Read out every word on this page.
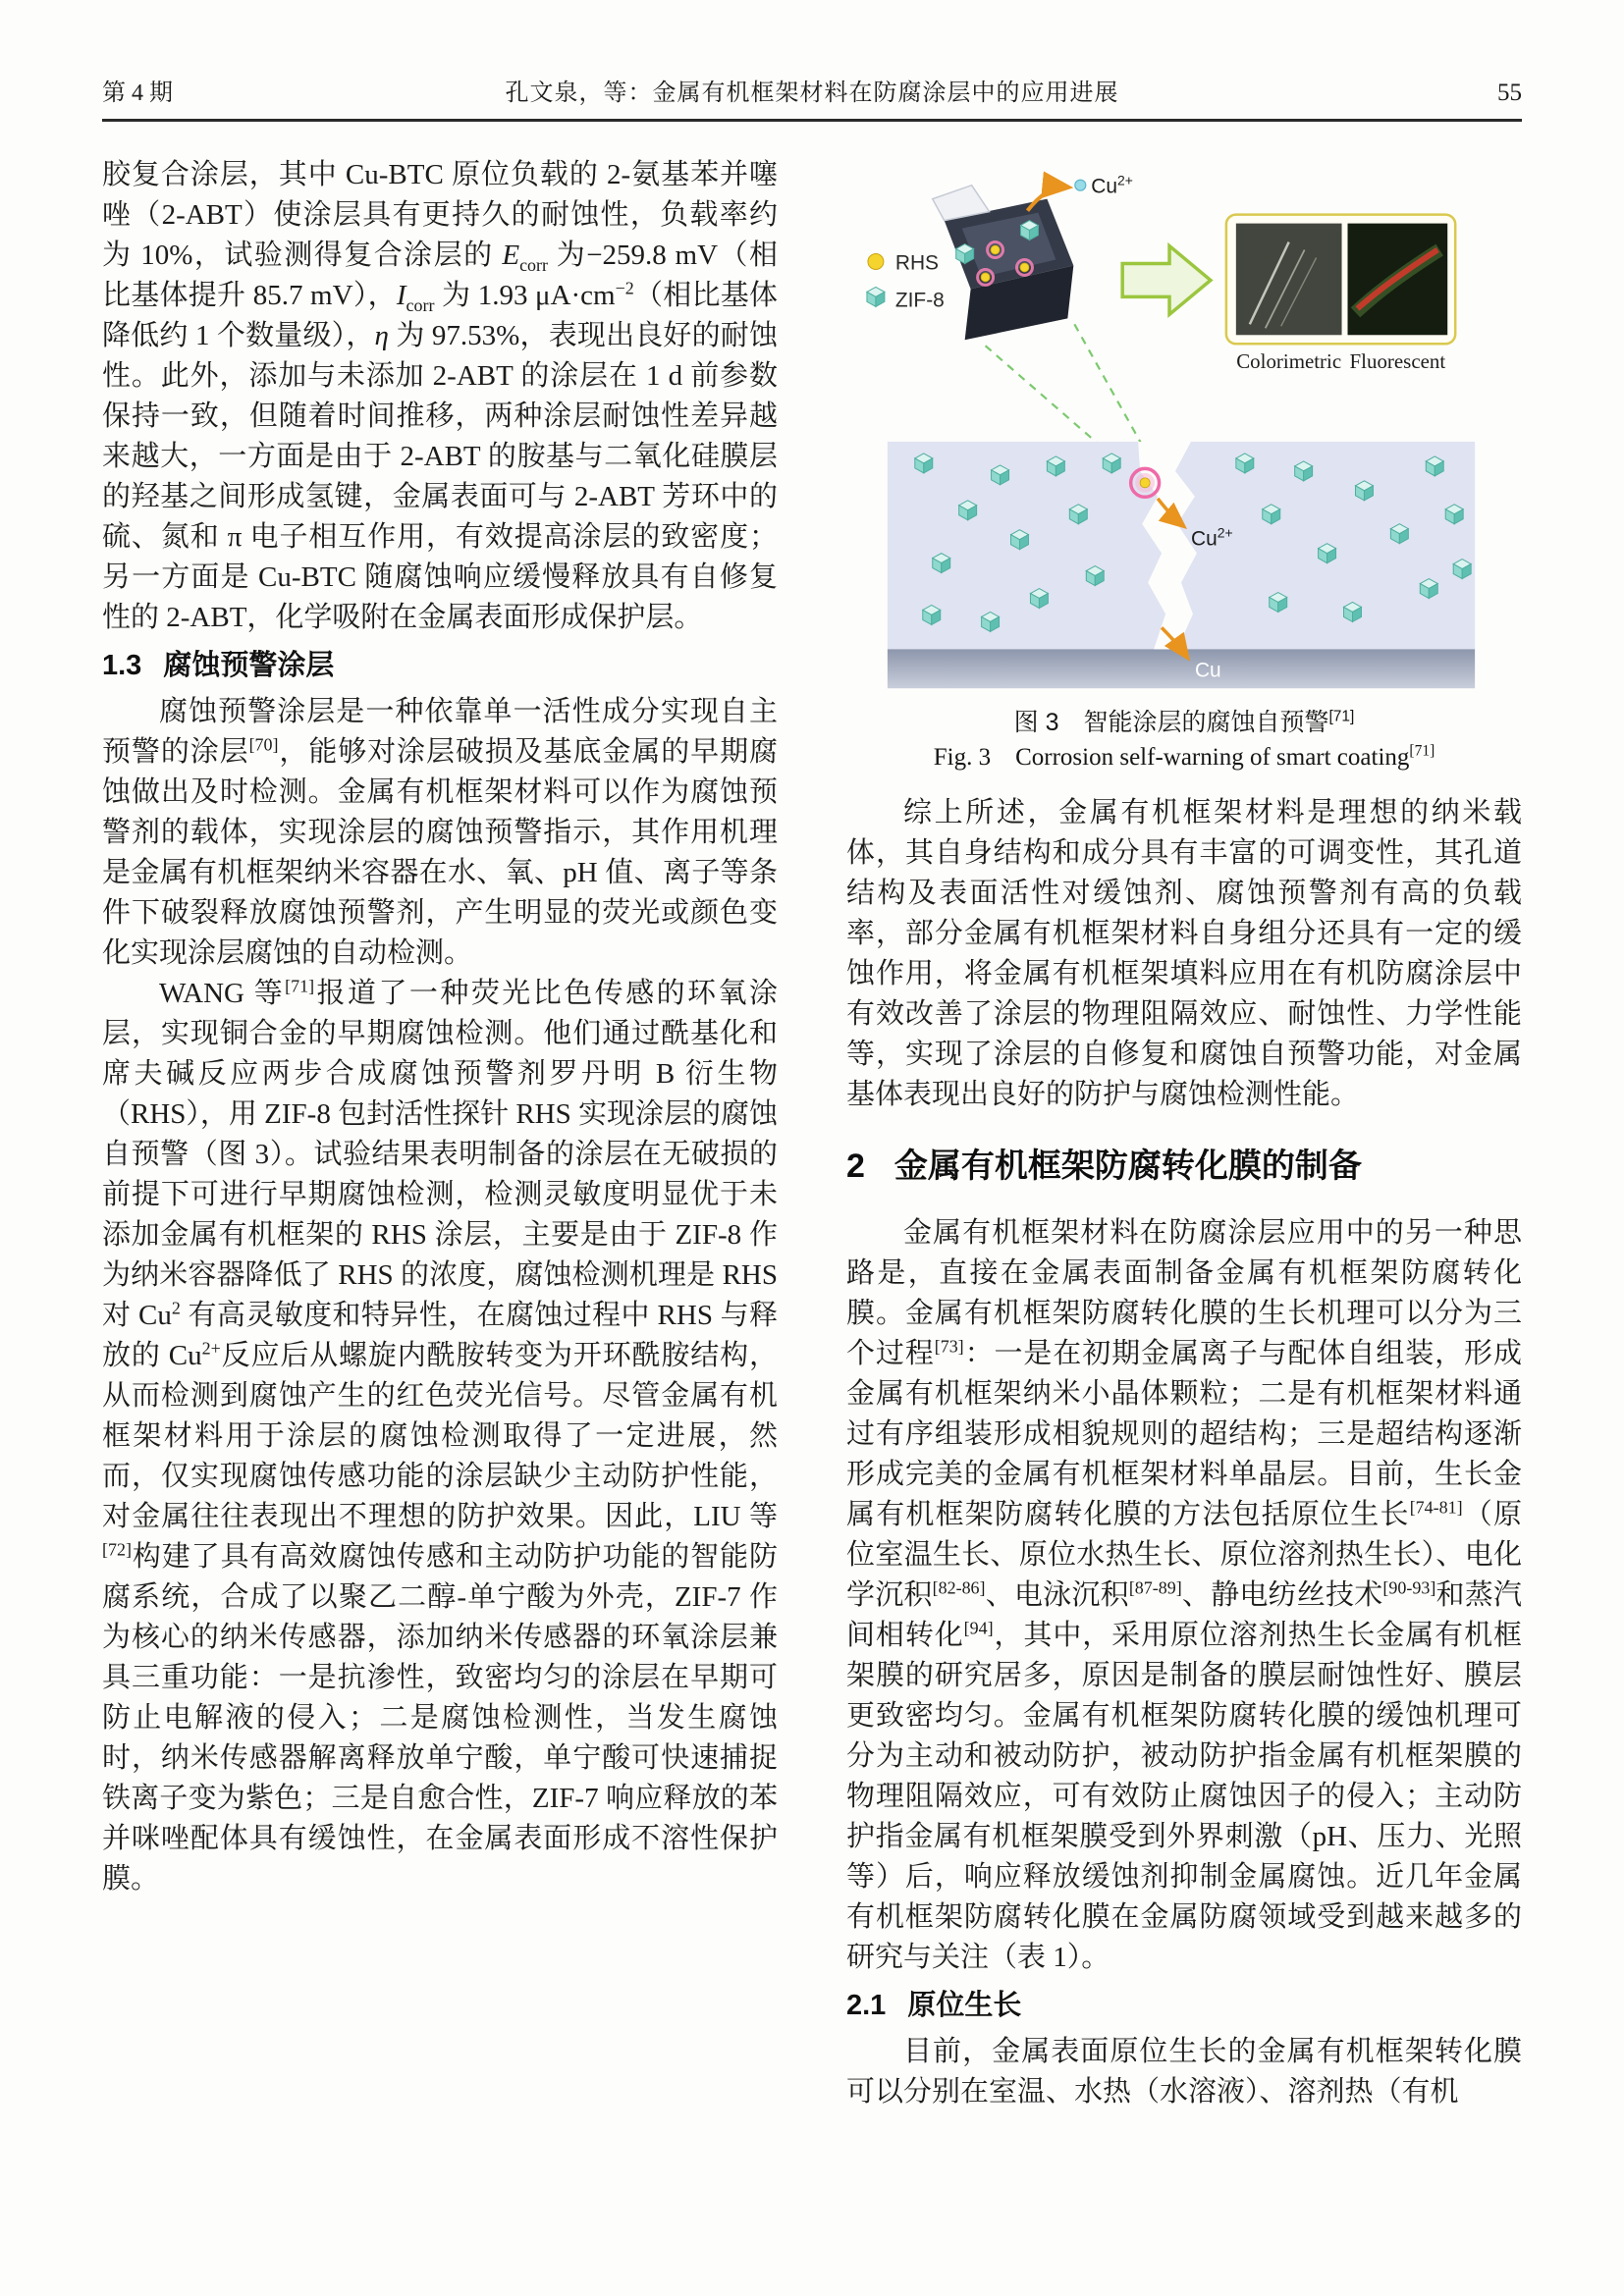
第 4 期	孔文泉，等：金属有机框架材料在防腐涂层中的应用进展	55

胶复合涂层，其中 Cu-BTC 原位负载的 2-氨基苯并噻唑（2-ABT）使涂层具有更持久的耐蚀性，负载率约为 10%，试验测得复合涂层的 $E_{corr}$ 为−259.8 mV（相比基体提升 85.7 mV），$I_{corr}$ 为 1.93 $\mu A\cdot cm^{-2}$（相比基体降低约 1 个数量级），η 为 97.53%，表现出良好的耐蚀性。此外，添加与未添加 2-ABT 的涂层在 1 d 前参数保持一致，但随着时间推移，两种涂层耐蚀性差异越来越大，一方面是由于 2-ABT 的胺基与二氧化硅膜层的羟基之间形成氢键，金属表面可与 2-ABT 芳环中的硫、氮和 π 电子相互作用，有效提高涂层的致密度；另一方面是 Cu-BTC 随腐蚀响应缓慢释放具有自修复性的 2-ABT，化学吸附在金属表面形成保护层。

1.3 腐蚀预警涂层

腐蚀预警涂层是一种依靠单一活性成分实现自主预警的涂层[70]，能够对涂层破损及基底金属的早期腐蚀做出及时检测。金属有机框架材料可以作为腐蚀预警剂的载体，实现涂层的腐蚀预警指示，其作用机理是金属有机框架纳米容器在水、氧、pH 值、离子等条件下破裂释放腐蚀预警剂，产生明显的荧光或颜色变化实现涂层腐蚀的自动检测。

WANG 等[71]报道了一种荧光比色传感的环氧涂层，实现铜合金的早期腐蚀检测。他们通过酰基化和席夫碱反应两步合成腐蚀预警剂罗丹明 B 衍生物（RHS），用 ZIF-8 包封活性探针 RHS 实现涂层的腐蚀自预警（图 3）。试验结果表明制备的涂层在无破损的前提下可进行早期腐蚀检测，检测灵敏度明显优于未添加金属有机框架的 RHS 涂层，主要是由于 ZIF-8 作为纳米容器降低了 RHS 的浓度，腐蚀检测机理是 RHS 对 Cu$^2$ 有高灵敏度和特异性，在腐蚀过程中 RHS 与释放的 $Cu^{2+}$反应后从螺旋内酰胺转变为开环酰胺结构，从而检测到腐蚀产生的红色荧光信号。尽管金属有机框架材料用于涂层的腐蚀检测取得了一定进展，然而，仅实现腐蚀传感功能的涂层缺少主动防护性能，对金属往往表现出不理想的防护效果。因此，LIU 等[72]构建了具有高效腐蚀传感和主动防护功能的智能防腐系统，合成了以聚乙二醇-单宁酸为外壳，ZIF-7 作为核心的纳米传感器，添加纳米传感器的环氧涂层兼具三重功能：一是抗渗性，致密均匀的涂层在早期可防止电解液的侵入；二是腐蚀检测性，当发生腐蚀时，纳米传感器解离释放单宁酸，单宁酸可快速捕捉铁离子变为紫色；三是自愈合性，ZIF-7 响应释放的苯并咪唑配体具有缓蚀性，在金属表面形成不溶性保护膜。

RHS
ZIF-8
$Cu^{2+}$
Colorimetric Fluorescent
$Cu^{2+}$
Cu
图 3　智能涂层的腐蚀自预警[71]
Fig. 3　Corrosion self-warning of smart coating[71]

综上所述，金属有机框架材料是理想的纳米载体，其自身结构和成分具有丰富的可调变性，其孔道结构及表面活性对缓蚀剂、腐蚀预警剂有高的负载率，部分金属有机框架材料自身组分还具有一定的缓蚀作用，将金属有机框架填料应用在有机防腐涂层中有效改善了涂层的物理阻隔效应、耐蚀性、力学性能等，实现了涂层的自修复和腐蚀自预警功能，对金属基体表现出良好的防护与腐蚀检测性能。

2 金属有机框架防腐转化膜的制备

金属有机框架材料在防腐涂层应用中的另一种思路是，直接在金属表面制备金属有机框架防腐转化膜。金属有机框架防腐转化膜的生长机理可以分为三个过程[73]：一是在初期金属离子与配体自组装，形成金属有机框架纳米小晶体颗粒；二是有机框架材料通过有序组装形成相貌规则的超结构；三是超结构逐渐形成完美的金属有机框架材料单晶层。目前，生长金属有机框架防腐转化膜的方法包括原位生长[74-81]（原位室温生长、原位水热生长、原位溶剂热生长）、电化学沉积[82-86]、电泳沉积[87-89]、静电纺丝技术[90-93]和蒸汽间相转化[94]，其中，采用原位溶剂热生长金属有机框架膜的研究居多，原因是制备的膜层耐蚀性好、膜层更致密均匀。金属有机框架防腐转化膜的缓蚀机理可分为主动和被动防护，被动防护指金属有机框架膜的物理阻隔效应，可有效防止腐蚀因子的侵入；主动防护指金属有机框架膜受到外界刺激（pH、压力、光照等）后，响应释放缓蚀剂抑制金属腐蚀。近几年金属有机框架防腐转化膜在金属防腐领域受到越来越多的研究与关注（表 1）。

2.1 原位生长

目前，金属表面原位生长的金属有机框架转化膜可以分别在室温、水热（水溶液）、溶剂热（有机
